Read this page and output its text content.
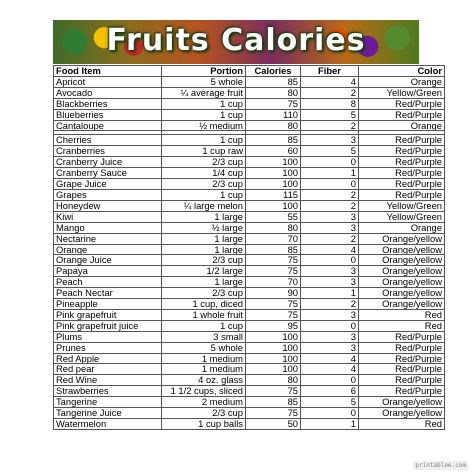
Fruits Calories
Food Item	Portion	Calories	Fiber	Color
Apricot	5 whole	85	4	Orange
Avocado	¼ average fruit	80	2	Yellow/Green
Blackberries	1 cup	75	8	Red/Purple
Blueberries	1 cup	110	5	Red/Purple
Cantaloupe	½ medium	80	2	Orange

Cherries	1 cup	85	3	Red/Purple
Cranberries	1 cup raw	60	5	Red/Purple
Cranberry Juice	2/3 cup	100	0	Red/Purple
Cranberry Sauce	1/4 cup	100	1	Red/Purple
Grape Juice	2/3 cup	100	0	Red/Purple
Grapes	1 cup	115	2	Red/Purple
Honeydew	¼ large melon	100	2	Yellow/Green
Kiwi	1 large	55	3	Yellow/Green
Mango	½ large	80	3	Orange
Nectarine	1 large	70	2	Orange/yellow
Orange	1 large	85	4	Orange/yellow
Orange Juice	2/3 cup	75	0	Orange/yellow
Papaya	1/2 large	75	3	Orange/yellow
Peach	1 large	70	3	Orange/yellow
Peach Nectar	2/3 cup	90	1	Orange/yellow
Pineapple	1 cup, diced	75	2	Orange/yellow
Pink grapefruit	1 whole fruit	75	3	Red
Pink grapefruit juice	1 cup	95	0	Red
Plums	3 small	100	3	Red/Purple
Prunes	5 whole	100	3	Red/Purple
Red Apple	1 medium	100	4	Red/Purple
Red pear	1 medium	100	4	Red/Purple
Red Wine	4 oz. glass	80	0	Red/Purple
Strawberries	1 1/2 cups, sliced	75	6	Red/Purple
Tangerine	2 medium	85	5	Orange/yellow
Tangerine Juice	2/3 cup	75	0	Orange/yellow
Watermelon	1 cup balls	50	1	Red
printablee.com
